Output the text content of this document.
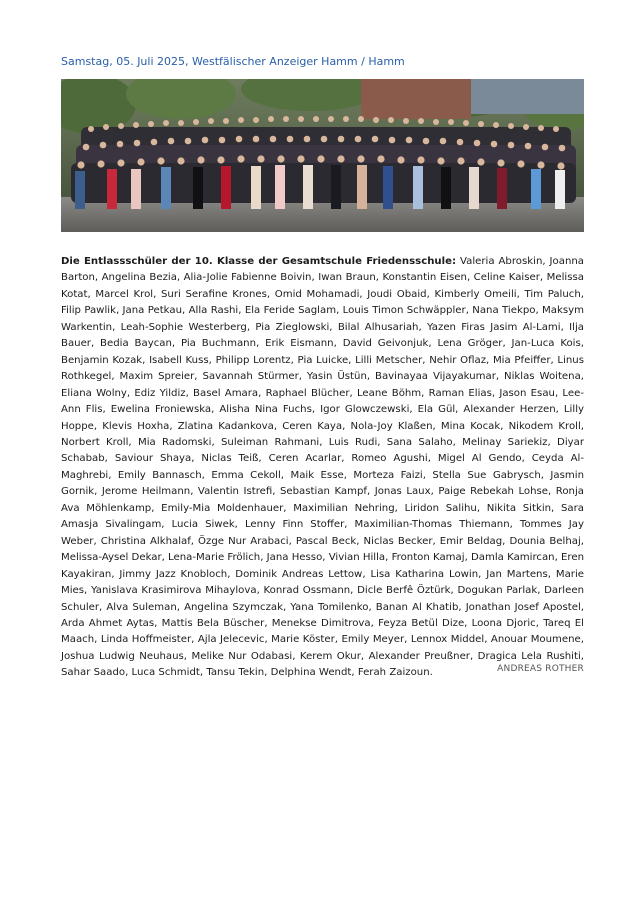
Samstag, 05. Juli 2025, Westfälischer Anzeiger Hamm / Hamm
Die Entlassschüler der 10. Klasse der Gesamtschule Friedensschule: Valeria Abroskin, Joanna Barton, Angelina Bezia, Alia-Jolie Fabienne Boivin, Iwan Braun, Konstantin Eisen, Celine Kaiser, Melissa Kotat, Marcel Krol, Suri Serafine Krones, Omid Mohamadi, Joudi Obaid, Kimberly Omeili, Tim Paluch, Filip Pawlik, Jana Petkau, Alla Rashi, Ela Feride Saglam, Louis Timon Schwäppler, Nana Tiekpo, Maksym Warkentin, Leah-Sophie Westerberg, Pia Zieglowski, Bilal Alhusariah, Yazen Firas Jasim Al-Lami, Ilja Bauer, Bedia Baycan, Pia Buchmann, Erik Eismann, David Geivonjuk, Lena Gröger, Jan-Luca Kois, Benjamin Kozak, Isabell Kuss, Philipp Lorentz, Pia Luicke, Lilli Metscher, Nehir Oflaz, Mia Pfeiffer, Linus Rothkegel, Maxim Spreier, Savannah Stürmer, Yasin Üstün, Bavinayaa Vijayakumar, Niklas Woitena, Eliana Wolny, Ediz Yildiz, Basel Amara, Raphael Blücher, Leane Böhm, Raman Elias, Jason Esau, Lee-Ann Flis, Ewelina Froniewska, Alisha Nina Fuchs, Igor Glowczewski, Ela Gül, Alexander Herzen, Lilly Hoppe, Klevis Hoxha, Zlatina Kadankova, Ceren Kaya, Nola-Joy Klaßen, Mina Kocak, Nikodem Kroll, Norbert Kroll, Mia Radomski, Suleiman Rahmani, Luis Rudi, Sana Salaho, Melinay Sariekiz, Diyar Schabab, Saviour Shaya, Niclas Teiß, Ceren Acarlar, Romeo Agushi, Migel Al Gendo, Ceyda Al-Maghrebi, Emily Bannasch, Emma Cekoll, Maik Esse, Morteza Faizi, Stella Sue Gabrysch, Jasmin Gornik, Jerome Heilmann, Valentin Istrefi, Sebastian Kampf, Jonas Laux, Paige Rebekah Lohse, Ronja Ava Möhlenkamp, Emily-Mia Moldenhauer, Maximilian Nehring, Liridon Salihu, Nikita Sitkin, Sara Amasja Sivalingam, Lucia Siwek, Lenny Finn Stoffer, Maximilian-Thomas Thiemann, Tommes Jay Weber, Christina Alkhalaf, Özge Nur Arabaci, Pascal Beck, Niclas Becker, Emir Beldag, Dounia Belhaj, Melissa-Aysel Dekar, Lena-Marie Frölich, Jana Hesso, Vivian Hilla, Fronton Kamaj, Damla Kamircan, Eren Kayakiran, Jimmy Jazz Knobloch, Dominik Andreas Lettow, Lisa Katharina Lowin, Jan Martens, Marie Mies, Yanislava Krasimirova Mihaylova, Konrad Ossmann, Dicle Berfê Öztürk, Dogukan Parlak, Darleen Schuler, Alva Suleman, Angelina Szymczak, Yana Tomilenko, Banan Al Khatib, Jonathan Josef Apostel, Arda Ahmet Aytas, Mattis Bela Büscher, Menekse Dimitrova, Feyza Betül Dize, Loona Djoric, Tareq El Maach, Linda Hoffmeister, Ajla Jelecevic, Marie Köster, Emily Meyer, Lennox Middel, Anouar Moumene, Joshua Ludwig Neuhaus, Melike Nur Odabasi, Kerem Okur, Alexander Preußner, Dragica Lela Rushiti, Sahar Saado, Luca Schmidt, Tansu Tekin, Delphina Wendt, Ferah Zaizoun.	ANDREAS ROTHER
